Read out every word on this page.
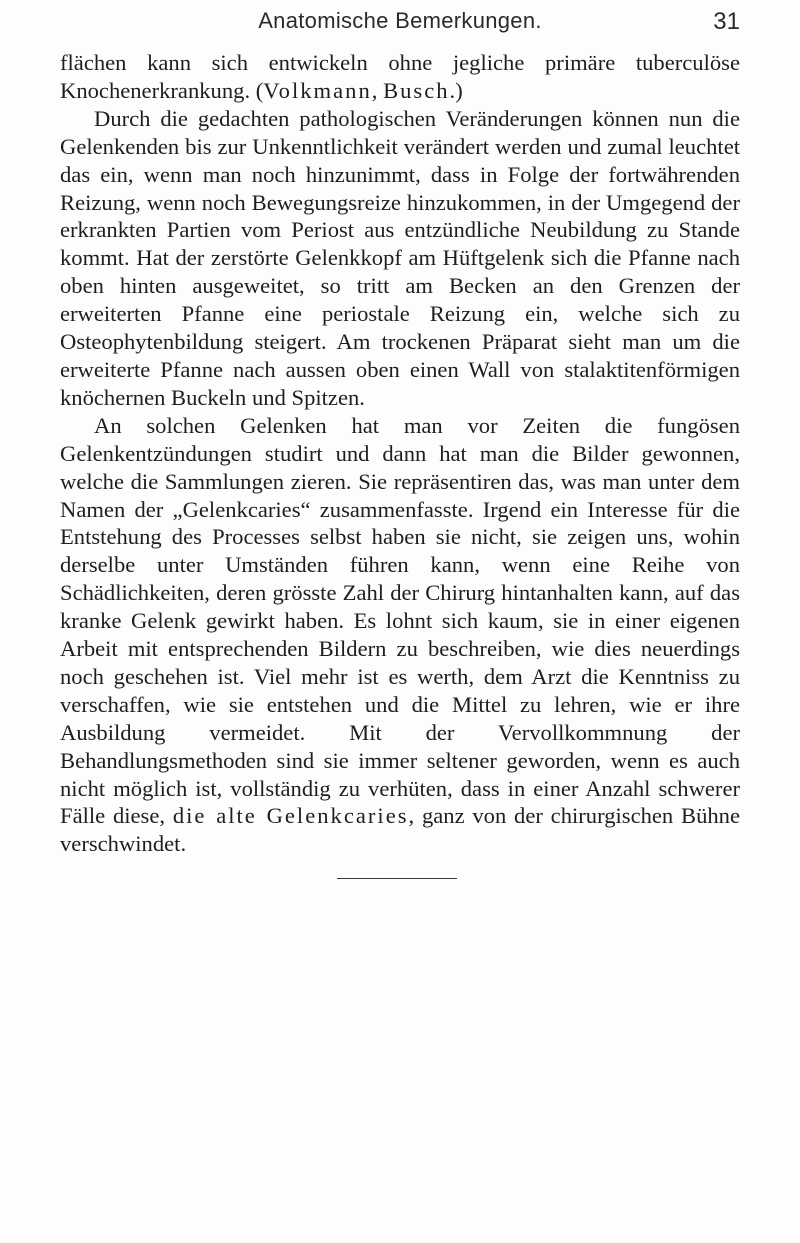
Anatomische Bemerkungen.	31

flächen kann sich entwickeln ohne jegliche primäre tuberculöse Knochenerkrankung. (Volkmann, Busch.)

Durch die gedachten pathologischen Veränderungen können nun die Gelenkenden bis zur Unkenntlichkeit verändert werden und zumal leuchtet das ein, wenn man noch hinzunimmt, dass in Folge der fortwährenden Reizung, wenn noch Bewegungsreize hinzukommen, in der Umgegend der erkrankten Partien vom Periost aus entzündliche Neubildung zu Stande kommt. Hat der zerstörte Gelenkkopf am Hüftgelenk sich die Pfanne nach oben hinten ausgeweitet, so tritt am Becken an den Grenzen der erweiterten Pfanne eine periostale Reizung ein, welche sich zu Osteophytenbildung steigert. Am trockenen Präparat sieht man um die erweiterte Pfanne nach aussen oben einen Wall von stalaktitenförmigen knöchernen Buckeln und Spitzen.

An solchen Gelenken hat man vor Zeiten die fungösen Gelenkentzündungen studirt und dann hat man die Bilder gewonnen, welche die Sammlungen zieren. Sie repräsentiren das, was man unter dem Namen der „Gelenkcaries“ zusammenfasste. Irgend ein Interesse für die Entstehung des Processes selbst haben sie nicht, sie zeigen uns, wohin derselbe unter Umständen führen kann, wenn eine Reihe von Schädlichkeiten, deren grösste Zahl der Chirurg hintanhalten kann, auf das kranke Gelenk gewirkt haben. Es lohnt sich kaum, sie in einer eigenen Arbeit mit entsprechenden Bildern zu beschreiben, wie dies neuerdings noch geschehen ist. Viel mehr ist es werth, dem Arzt die Kenntniss zu verschaffen, wie sie entstehen und die Mittel zu lehren, wie er ihre Ausbildung vermeidet. Mit der Vervollkommnung der Behandlungsmethoden sind sie immer seltener geworden, wenn es auch nicht möglich ist, vollständig zu verhüten, dass in einer Anzahl schwerer Fälle diese, die alte Gelenkcaries, ganz von der chirurgischen Bühne verschwindet.
